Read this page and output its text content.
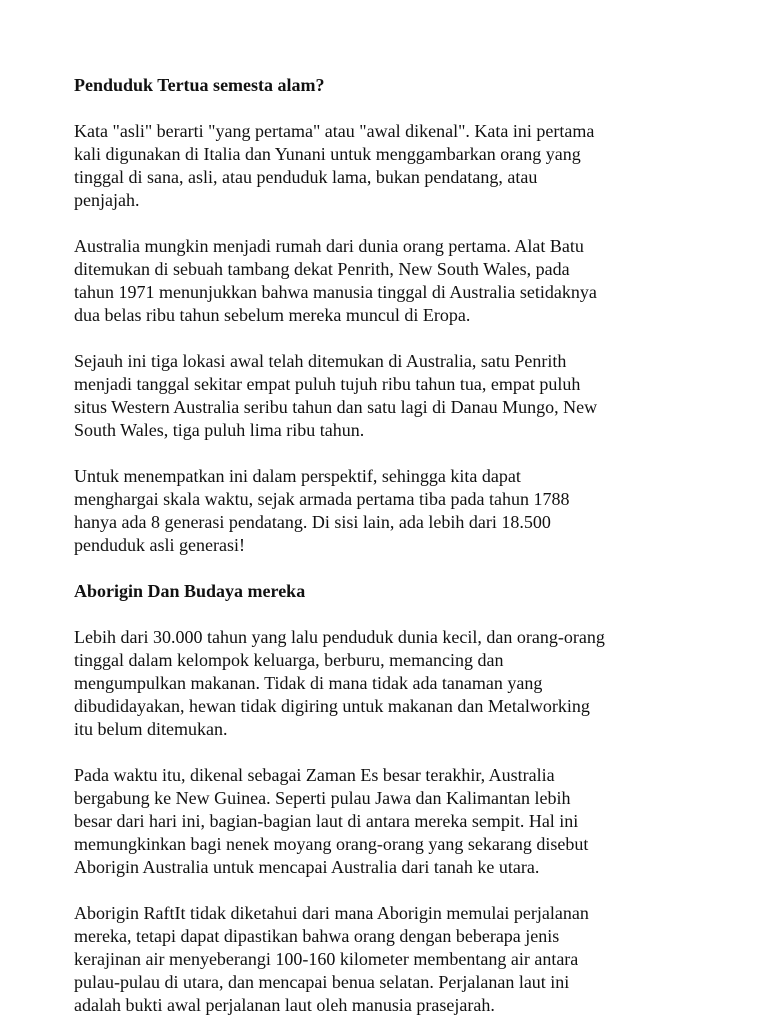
Penduduk Tertua semesta alam?
Kata "asli" berarti "yang pertama" atau "awal dikenal". Kata ini pertama
kali digunakan di Italia dan Yunani untuk menggambarkan orang yang
tinggal di sana, asli, atau penduduk lama, bukan pendatang, atau
penjajah.
Australia mungkin menjadi rumah dari dunia orang pertama. Alat Batu
ditemukan di sebuah tambang dekat Penrith, New South Wales, pada
tahun 1971 menunjukkan bahwa manusia tinggal di Australia setidaknya
dua belas ribu tahun sebelum mereka muncul di Eropa.
Sejauh ini tiga lokasi awal telah ditemukan di Australia, satu Penrith
menjadi tanggal sekitar empat puluh tujuh ribu tahun tua, empat puluh
situs Western Australia seribu tahun dan satu lagi di Danau Mungo, New
South Wales, tiga puluh lima ribu tahun.
Untuk menempatkan ini dalam perspektif, sehingga kita dapat
menghargai skala waktu, sejak armada pertama tiba pada tahun 1788
hanya ada 8 generasi pendatang. Di sisi lain, ada lebih dari 18.500
penduduk asli generasi!
Aborigin Dan Budaya mereka
Lebih dari 30.000 tahun yang lalu penduduk dunia kecil, dan orang-orang
tinggal dalam kelompok keluarga, berburu, memancing dan
mengumpulkan makanan. Tidak di mana tidak ada tanaman yang
dibudidayakan, hewan tidak digiring untuk makanan dan Metalworking
itu belum ditemukan.
Pada waktu itu, dikenal sebagai Zaman Es besar terakhir, Australia
bergabung ke New Guinea. Seperti pulau Jawa dan Kalimantan lebih
besar dari hari ini, bagian-bagian laut di antara mereka sempit. Hal ini
memungkinkan bagi nenek moyang orang-orang yang sekarang disebut
Aborigin Australia untuk mencapai Australia dari tanah ke utara.
Aborigin RaftIt tidak diketahui dari mana Aborigin memulai perjalanan
mereka, tetapi dapat dipastikan bahwa orang dengan beberapa jenis
kerajinan air menyeberangi 100-160 kilometer membentang air antara
pulau-pulau di utara, dan mencapai benua selatan. Perjalanan laut ini
adalah bukti awal perjalanan laut oleh manusia prasejarah.
